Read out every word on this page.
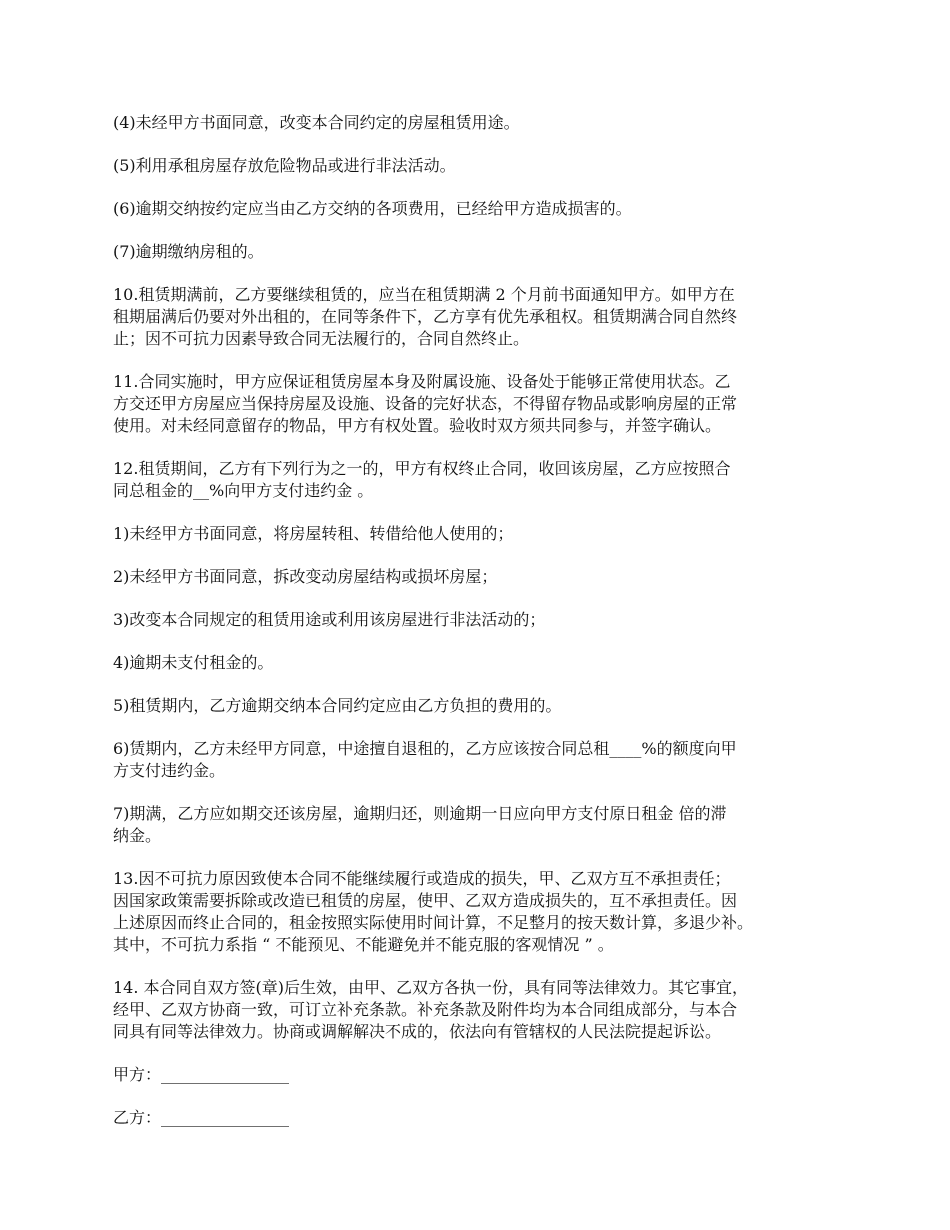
(4)未经甲方书面同意，改变本合同约定的房屋租赁用途。

(5)利用承租房屋存放危险物品或进行非法活动。

(6)逾期交纳按约定应当由乙方交纳的各项费用，已经给甲方造成损害的。

(7)逾期缴纳房租的。

10.租赁期满前，乙方要继续租赁的，应当在租赁期满 2 个月前书面通知甲方。如甲方在
租期届满后仍要对外出租的，在同等条件下，乙方享有优先承租权。租赁期满合同自然终
止；因不可抗力因素导致合同无法履行的，合同自然终止。

11.合同实施时，甲方应保证租赁房屋本身及附属设施、设备处于能够正常使用状态。乙
方交还甲方房屋应当保持房屋及设施、设备的完好状态，不得留存物品或影响房屋的正常
使用。对未经同意留存的物品，甲方有权处置。验收时双方须共同参与，并签字确认。

12.租赁期间，乙方有下列行为之一的，甲方有权终止合同，收回该房屋，乙方应按照合
同总租金的__%向甲方支付违约金 。

1)未经甲方书面同意，将房屋转租、转借给他人使用的；

2)未经甲方书面同意，拆改变动房屋结构或损坏房屋；

3)改变本合同规定的租赁用途或利用该房屋进行非法活动的；

4)逾期未支付租金的。

5)租赁期内，乙方逾期交纳本合同约定应由乙方负担的费用的。

6)赁期内，乙方未经甲方同意，中途擅自退租的，乙方应该按合同总租____%的额度向甲
方支付违约金。

7)期满，乙方应如期交还该房屋，逾期归还，则逾期一日应向甲方支付原日租金 倍的滞
纳金。

13.因不可抗力原因致使本合同不能继续履行或造成的损失，甲、乙双方互不承担责任；
因国家政策需要拆除或改造已租赁的房屋，使甲、乙双方造成损失的，互不承担责任。因
上述原因而终止合同的，租金按照实际使用时间计算，不足整月的按天数计算，多退少补。
其中，不可抗力系指 “ 不能预见、不能避免并不能克服的客观情况 ” 。

14. 本合同自双方签(章)后生效，由甲、乙双方各执一份，具有同等法律效力。其它事宜，
经甲、乙双方协商一致，可订立补充条款。补充条款及附件均为本合同组成部分，与本合
同具有同等法律效力。协商或调解解决不成的，依法向有管辖权的人民法院提起诉讼。

甲方：________________

乙方：________________
